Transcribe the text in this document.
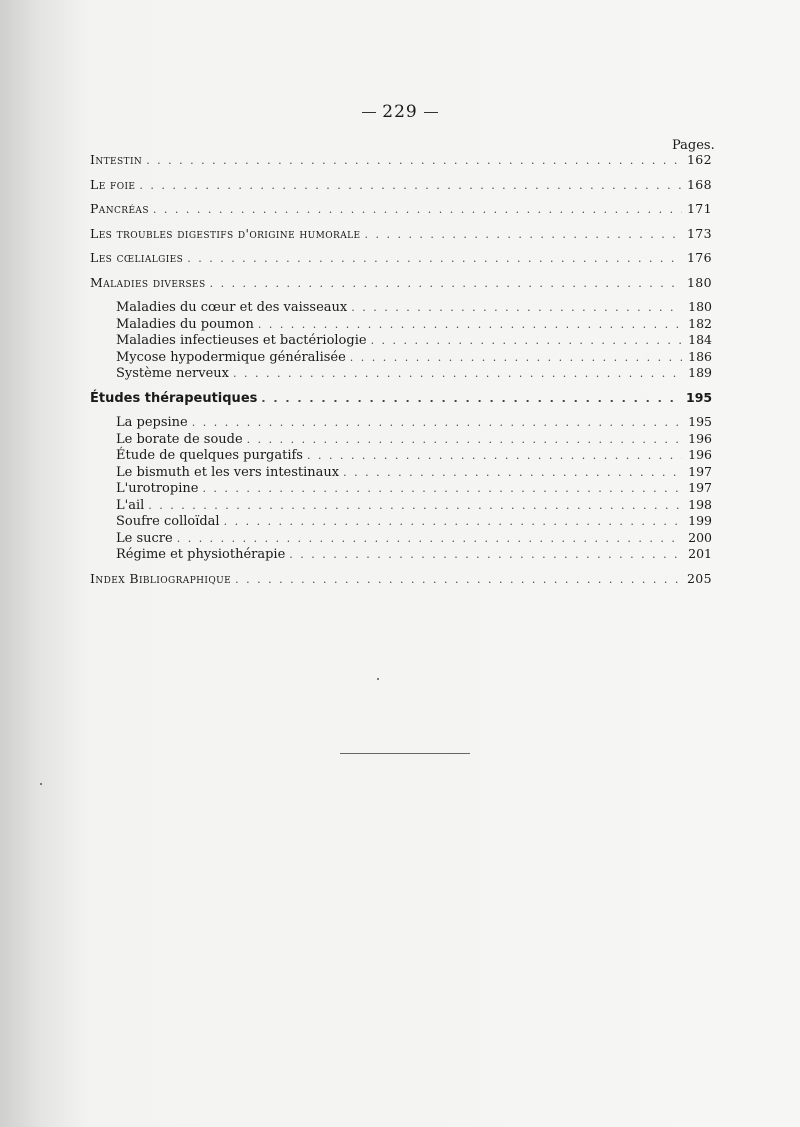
229
Pages.
Intestin . . .	162
Le foie . . .	168
Pancréas . . .	171
Les troubles digestifs d'origine humorale . . .	173
Les cœlialgies . . .	176
Maladies diverses . . .	180
Maladies du cœur et des vaisseaux . . .	180
Maladies du poumon . . .	182
Maladies infectieuses et bactériologie . . .	184
Mycose hypodermique généralisée . . .	186
Système nerveux . . .	189
Études thérapeutiques . . .	195
La pepsine . . .	195
Le borate de soude . . .	196
Étude de quelques purgatifs . . .	196
Le bismuth et les vers intestinaux . . .	197
L'urotropine . . .	197
L'ail . . .	198
Soufre colloïdal . . .	199
Le sucre . . .	200
Régime et physiothérapie . . .	201
Index Bibliographique . . .	205
